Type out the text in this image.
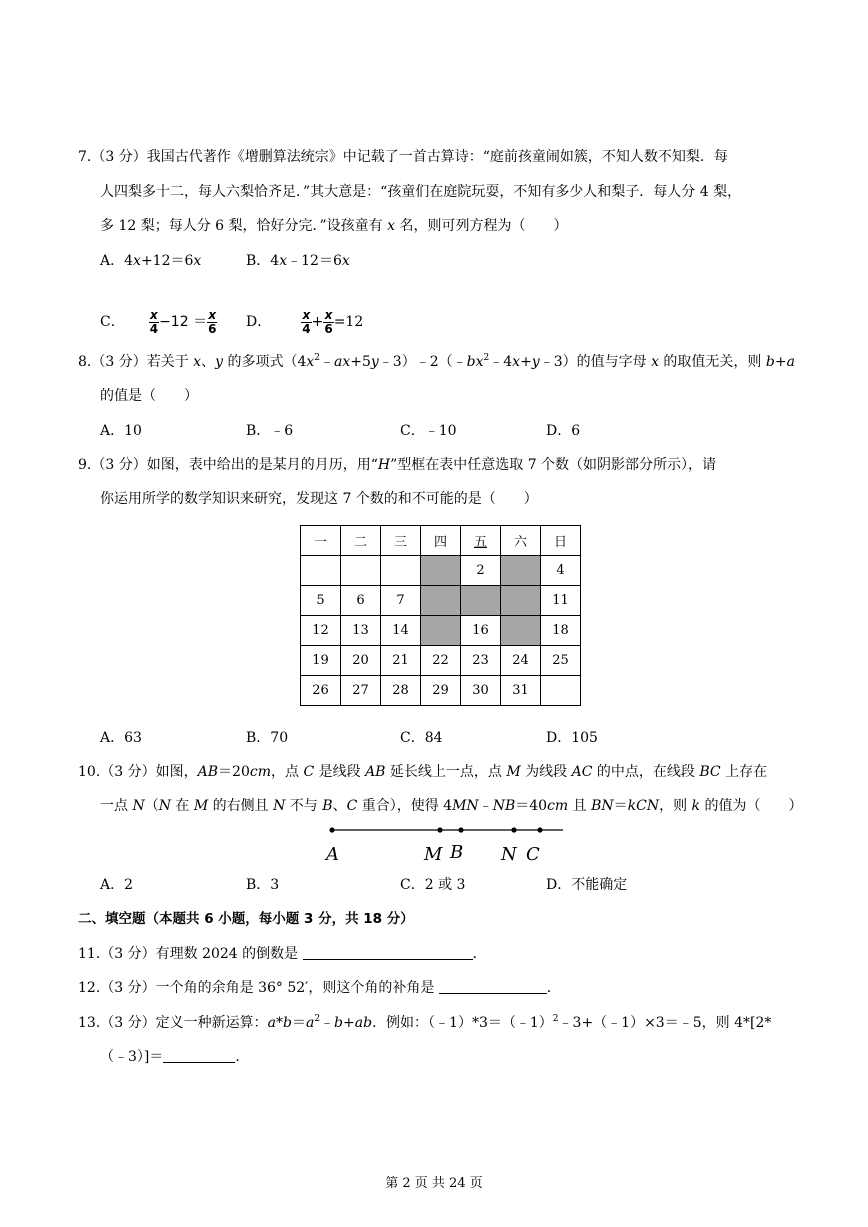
7.（3 分）我国古代著作《增删算法统宗》中记载了一首古算诗：“庭前孩童闹如簇，不知人数不知梨．每
人四梨多十二，每人六梨恰齐足．”其大意是：“孩童们在庭院玩耍，不知有多少人和梨子．每人分 4 梨，
多 12 梨；每人分 6 梨，恰好分完．”设孩童有 x 名，则可列方程为（　　）
A．4x+12＝6x	B．4x﹣12＝6x
C． $\frac{x}{4} -12 = \frac{x}{6}$ D．	$\frac{x}{4} + \frac{x}{6} =12$
8.（3 分）若关于 x、y 的多项式$(4x^2﹣ax+5y﹣3)﹣2(﹣bx^2﹣4x+y﹣3)$的值与字母 x 的取值无关，则 b+a
的值是（　　）
A．10	B．﹣6	C．﹣10	D．6
9.（3 分）如图，表中给出的是某月的月历，用“H”型框在表中任意选取 7 个数（如阴影部分所示），请
你运用所学的数学知识来研究，发现这 7 个数的和不可能的是（　　）
一	二	三	四	五	六	日
				2		4
5	6	7				11
12	13	14		16		18
19	20	21	22	23	24	25
26	27	28	29	30	31	
A．63	B．70	C．84	D．105
10.（3 分）如图，AB＝20cm，点 C 是线段 AB 延长线上一点，点 M 为线段 AC 的中点，在线段 BC 上存在
一点 N（N 在 M 的右侧且 N 不与 B、C 重合），使得 4MN﹣NB＝40cm 且 BN＝kCN，则 k 的值为（　　）
A	M B N C
A．2	B．3	C．2 或 3	D．不能确定
二、填空题（本题共 6 小题，每小题 3 分，共 18 分）
11.（3 分）有理数 2024 的倒数是	．
12.（3 分）一个角的余角是 36° 52′，则这个角的补角是	．
13.（3 分）定义一种新运算：$a*b=a^2﹣b+ab$．例如：（﹣1）*3＝（﹣1）$^2$﹣3+（﹣1）×3＝﹣5，则 4*[2*
（﹣3）]＝	．
第 2 页 共 24 页
